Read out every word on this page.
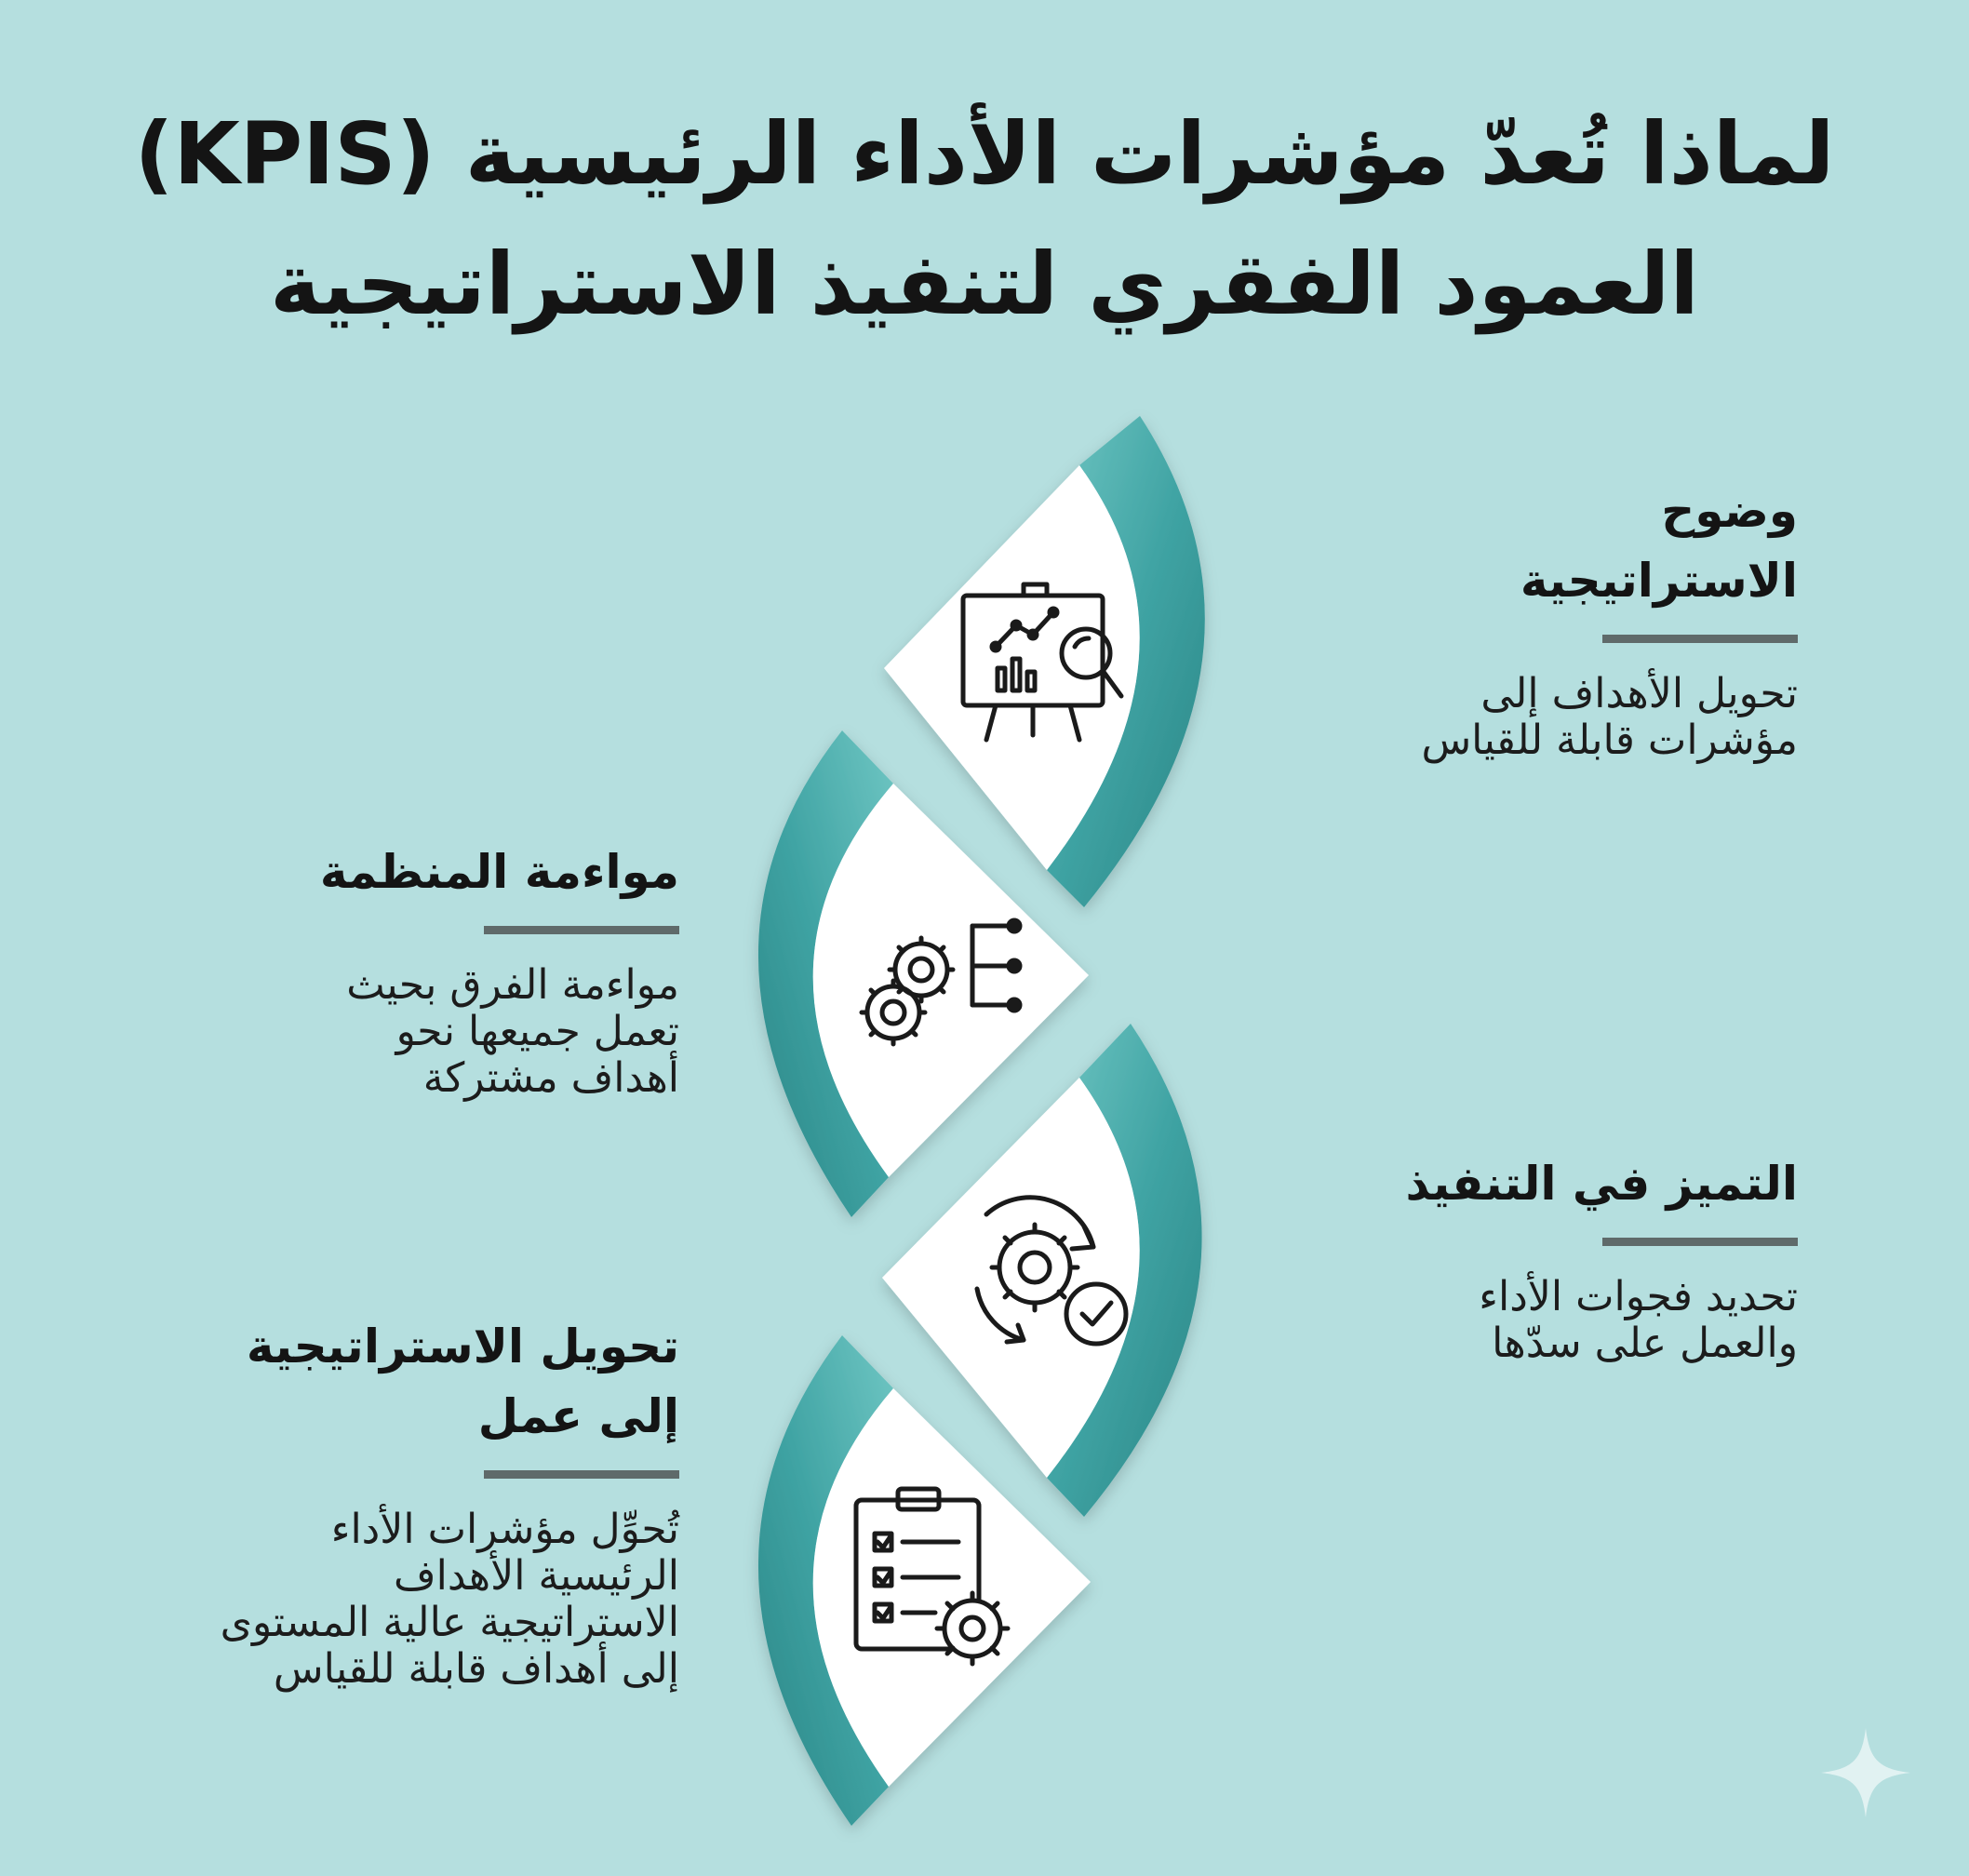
لماذا تُعدّ مؤشرات الأداء الرئيسية (KPIS)
العمود الفقري لتنفيذ الاستراتيجية

وضوح

الاستراتيجية

تحويل الأهداف إلى

مؤشرات قابلة للقياس

مواءمة المنظمة

مواءمة الفرق بحيث

تعمل جميعها نحو

أهداف مشتركة

التميز في التنفيذ

تحديد فجوات الأداء

والعمل على سدّها

تحويل الاستراتيجية

إلى عمل

تُحوِّل مؤشرات الأداء

الرئيسية الأهداف

الاستراتيجية عالية المستوى

إلى أهداف قابلة للقياس
